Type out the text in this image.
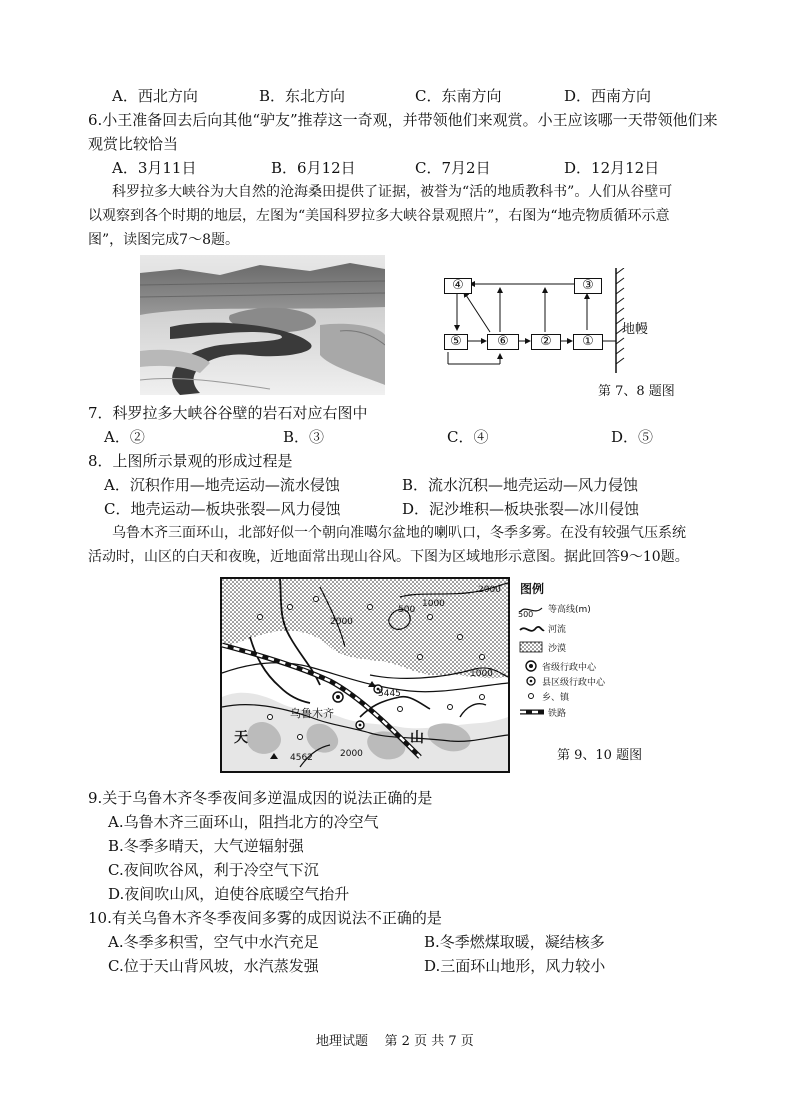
A．西北方向	B．东北方向	C．东南方向	D．西南方向
6.小王准备回去后向其他“驴友”推荐这一奇观，并带领他们来观赏。小王应该哪一天带领他们来
观赏比较恰当
A．3月11日	B．6月12日	C．7月2日	D．12月12日
科罗拉多大峡谷为大自然的沧海桑田提供了证据，被誉为“活的地质教科书”。人们从谷壁可
以观察到各个时期的地层，左图为“美国科罗拉多大峡谷景观照片”，右图为“地壳物质循环示意
图”，读图完成7～8题。
④	③
⑤	⑥	②	①
地幔
第 7、8 题图
7．科罗拉多大峡谷谷壁的岩石对应右图中
A．②	B．③	C．④	D．⑤
8．上图所示景观的形成过程是
A．沉积作用—地壳运动—流水侵蚀	B．流水沉积—地壳运动—风力侵蚀
C．地壳运动—板块张裂—风力侵蚀	D．泥沙堆积—板块张裂—冰川侵蚀
乌鲁木齐三面环山，北部好似一个朝向准噶尔盆地的喇叭口，冬季多雾。在没有较强气压系统
活动时，山区的白天和夜晚，近地面常出现山谷风。下图为区域地形示意图。据此回答9～10题。
乌鲁木齐
天	山
500
1000
1000
2000
2000
2000
5445
4562
图例
500 等高线(m)
河流
沙漠
省级行政中心
县区级行政中心
乡、镇
铁路
第 9、10 题图
9.关于乌鲁木齐冬季夜间多逆温成因的说法正确的是
A.乌鲁木齐三面环山，阻挡北方的冷空气
B.冬季多晴天，大气逆辐射强
C.夜间吹谷风，利于冷空气下沉
D.夜间吹山风，迫使谷底暖空气抬升
10.有关乌鲁木齐冬季夜间多雾的成因说法不正确的是
A.冬季多积雪，空气中水汽充足	B.冬季燃煤取暖，凝结核多
C.位于天山背风坡，水汽蒸发强	D.三面环山地形，风力较小
地理试题    第 2 页 共 7 页
